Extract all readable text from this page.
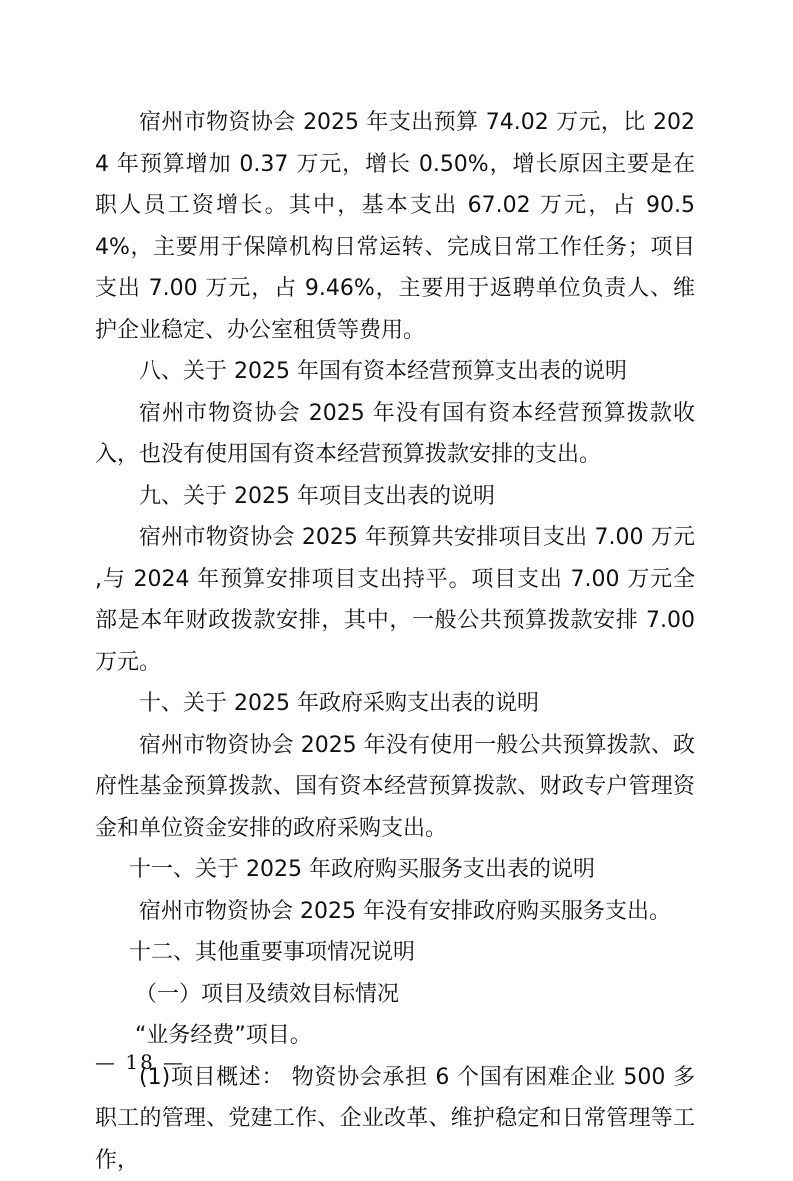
宿州市物资协会 2025 年支出预算 74.02 万元，比 2024 年预算增加 0.37 万元，增长 0.50%，增长原因主要是在职人员工资增长。其中，基本支出 67.02 万元，占 90.54%，主要用于保障机构日常运转、完成日常工作任务；项目支出 7.00 万元，占 9.46%，主要用于返聘单位负责人、维护企业稳定、办公室租赁等费用。

八、关于 2025 年国有资本经营预算支出表的说明

宿州市物资协会 2025 年没有国有资本经营预算拨款收入，也没有使用国有资本经营预算拨款安排的支出。

九、关于 2025 年项目支出表的说明

宿州市物资协会 2025 年预算共安排项目支出 7.00 万元 ,与 2024 年预算安排项目支出持平。项目支出 7.00 万元全部是本年财政拨款安排，其中，一般公共预算拨款安排 7.00 万元。

十、关于 2025 年政府采购支出表的说明

宿州市物资协会 2025 年没有使用一般公共预算拨款、政府性基金预算拨款、国有资本经营预算拨款、财政专户管理资金和单位资金安排的政府采购支出。

十一、关于 2025 年政府购买服务支出表的说明

宿州市物资协会 2025 年没有安排政府购买服务支出。

十二、其他重要事项情况说明

（一）项目及绩效目标情况

“业务经费”项目。

(1)项目概述： 物资协会承担 6 个国有困难企业 500 多职工的管理、党建工作、企业改革、维护稳定和日常管理等工作，

— 18 —
